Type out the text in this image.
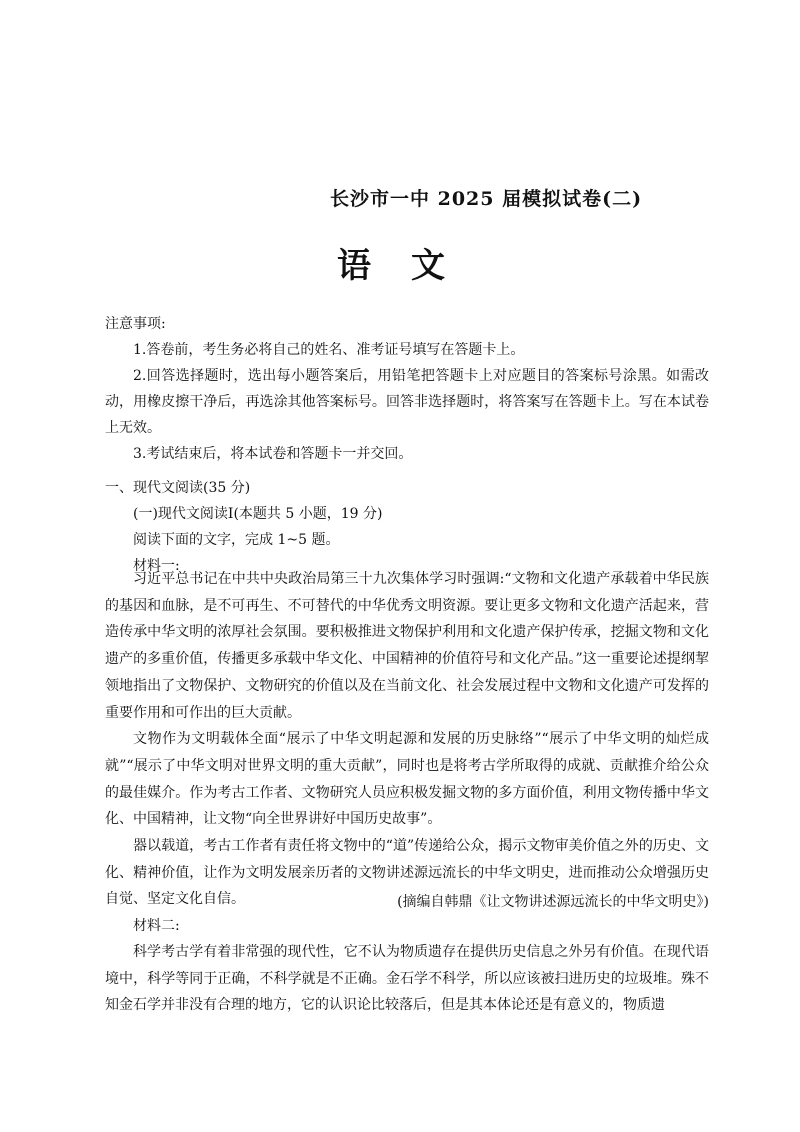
长沙市一中 2025 届模拟试卷(二)
语文

注意事项:

1.答卷前，考生务必将自己的姓名、准考证号填写在答题卡上。

2.回答选择题时，选出每小题答案后，用铅笔把答题卡上对应题目的答案标号涂黑。如需改动，用橡皮擦干净后，再选涂其他答案标号。回答非选择题时，将答案写在答题卡上。写在本试卷上无效。

3.考试结束后，将本试卷和答题卡一并交回。

一、现代文阅读(35 分)

(一)现代文阅读Ⅰ(本题共 5 小题，19 分)

阅读下面的文字，完成 1~5 题。

材料一:

习近平总书记在中共中央政治局第三十九次集体学习时强调:“文物和文化遗产承载着中华民族的基因和血脉，是不可再生、不可替代的中华优秀文明资源。要让更多文物和文化遗产活起来，营造传承中华文明的浓厚社会氛围。要积极推进文物保护利用和文化遗产保护传承，挖掘文物和文化遗产的多重价值，传播更多承载中华文化、中国精神的价值符号和文化产品。”这一重要论述提纲挈领地指出了文物保护、文物研究的价值以及在当前文化、社会发展过程中文物和文化遗产可发挥的重要作用和可作出的巨大贡献。

文物作为文明载体全面“展示了中华文明起源和发展的历史脉络”“展示了中华文明的灿烂成就”“展示了中华文明对世界文明的重大贡献”，同时也是将考古学所取得的成就、贡献推介给公众的最佳媒介。作为考古工作者、文物研究人员应积极发掘文物的多方面价值，利用文物传播中华文化、中国精神，让文物“向全世界讲好中国历史故事”。

器以载道，考古工作者有责任将文物中的“道”传递给公众，揭示文物审美价值之外的历史、文化、精神价值，让作为文明发展亲历者的文物讲述源远流长的中华文明史，进而推动公众增强历史自觉、坚定文化自信。	(摘编自韩鼎《让文物讲述源远流长的中华文明史》)
材料二:

科学考古学有着非常强的现代性，它不认为物质遗存在提供历史信息之外另有价值。在现代语境中，科学等同于正确，不科学就是不正确。金石学不科学，所以应该被扫进历史的垃圾堆。殊不知金石学并非没有合理的地方，它的认识论比较落后，但是其本体论还是有意义的，物质遗
